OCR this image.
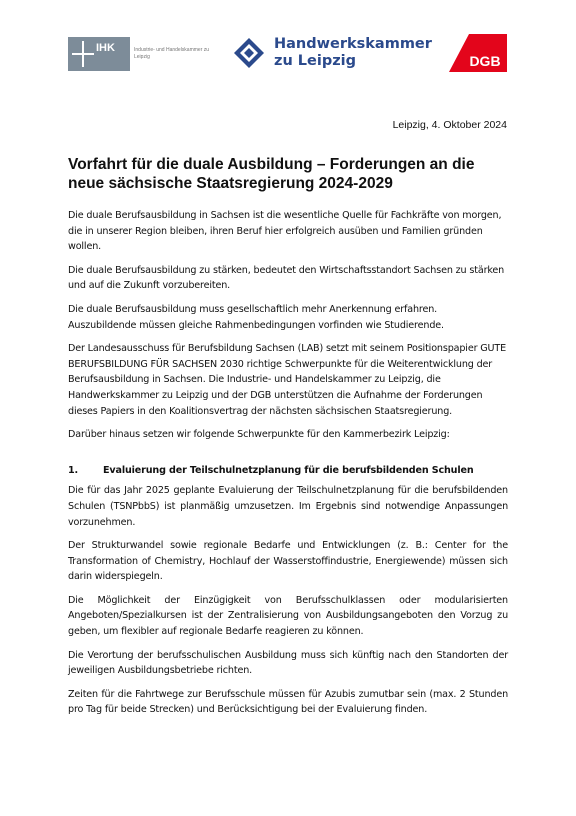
IHK	Industrie- und Handelskammer zu Leipzig
Handwerkskammer
zu Leipzig	DGB
Leipzig, 4. Oktober 2024
Vorfahrt für die duale Ausbildung – Forderungen an die
neue sächsische Staatsregierung 2024-2029

Die duale Berufsausbildung in Sachsen ist die wesentliche Quelle für Fachkräfte von morgen, die in unserer Region bleiben, ihren Beruf hier erfolgreich ausüben und Familien gründen wollen.

Die duale Berufsausbildung zu stärken, bedeutet den Wirtschaftsstandort Sachsen zu stärken und auf die Zukunft vorzubereiten.

Die duale Berufsausbildung muss gesellschaftlich mehr Anerkennung erfahren. Auszubildende müssen gleiche Rahmenbedingungen vorfinden wie Studierende.

Der Landesausschuss für Berufsbildung Sachsen (LAB) setzt mit seinem Positionspapier GUTE BERUFSBILDUNG FÜR SACHSEN 2030 richtige Schwerpunkte für die Weiterentwicklung der Berufsausbildung in Sachsen. Die Industrie- und Handelskammer zu Leipzig, die Handwerkskammer zu Leipzig und der DGB unterstützen die Aufnahme der Forderungen dieses Papiers in den Koalitionsvertrag der nächsten sächsischen Staatsregierung.

Darüber hinaus setzen wir folgende Schwerpunkte für den Kammerbezirk Leipzig:

1.	Evaluierung der Teilschulnetzplanung für die berufsbildenden Schulen

Die für das Jahr 2025 geplante Evaluierung der Teilschulnetzplanung für die berufsbildenden Schulen (TSNPbbS) ist planmäßig umzusetzen. Im Ergebnis sind notwendige Anpassungen vorzunehmen.

Der Strukturwandel sowie regionale Bedarfe und Entwicklungen (z. B.: Center for the Transformation of Chemistry, Hochlauf der Wasserstoffindustrie, Energiewende) müssen sich darin widerspiegeln.

Die Möglichkeit der Einzügigkeit von Berufsschulklassen oder modularisierten Angeboten/Spezialkursen ist der Zentralisierung von Ausbildungsangeboten den Vorzug zu geben, um flexibler auf regionale Bedarfe reagieren zu können.

Die Verortung der berufsschulischen Ausbildung muss sich künftig nach den Standorten der jeweiligen Ausbildungsbetriebe richten.

Zeiten für die Fahrtwege zur Berufsschule müssen für Azubis zumutbar sein (max. 2 Stunden pro Tag für beide Strecken) und Berücksichtigung bei der Evaluierung finden.
